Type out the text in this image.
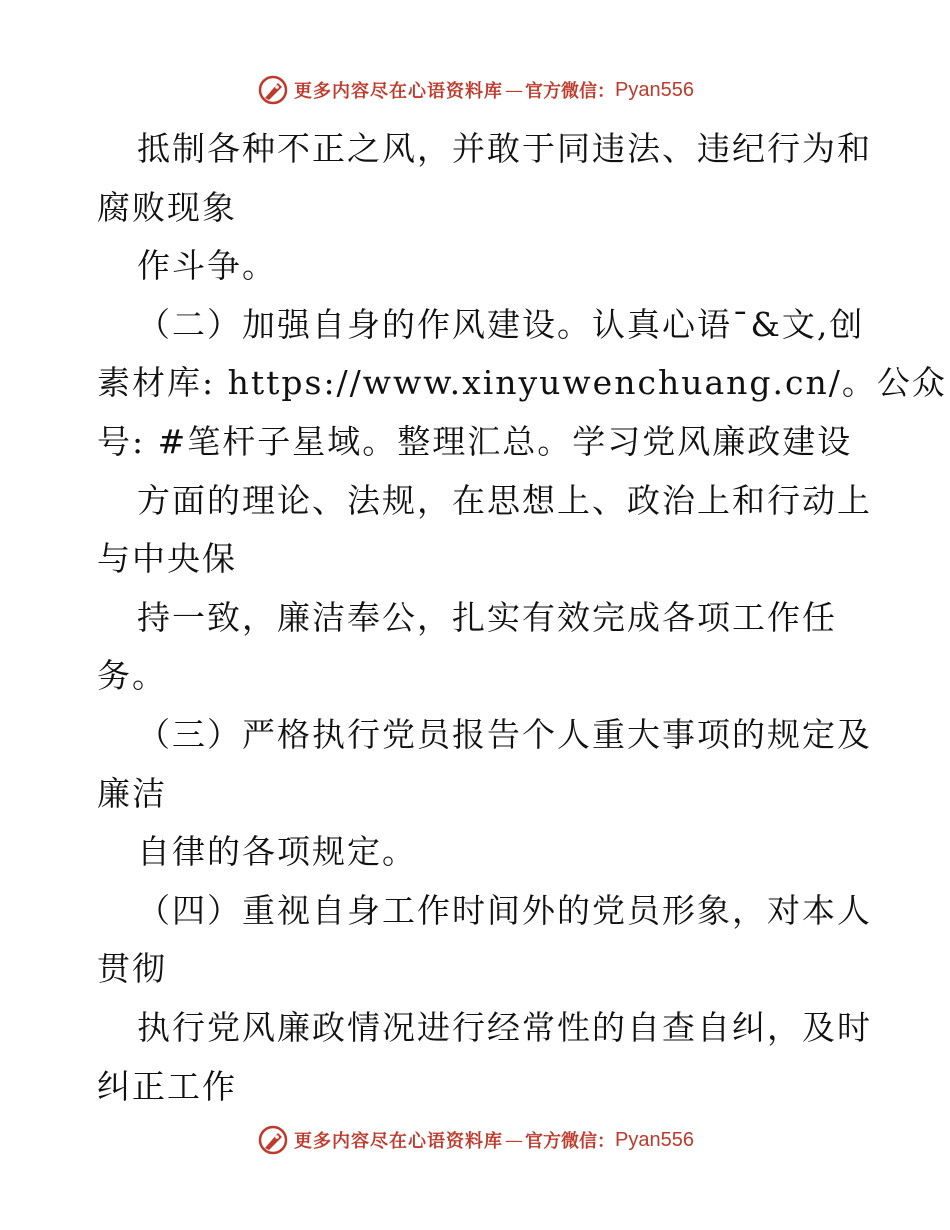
更多内容尽在心语资料库 — 官方微信： Pyan556
抵制各种不正之风，并敢于同违法、违纪行为和
腐败现象
作斗争。
（二）加强自身的作风建设。认真心语¯&文,创
素材库: https://www.xinyuwenchuang.cn/。公众
号: #笔杆子星域。整理汇总。学习党风廉政建设
方面的理论、法规，在思想上、政治上和行动上
与中央保
持一致，廉洁奉公，扎实有效完成各项工作任
务。
（三）严格执行党员报告个人重大事项的规定及
廉洁
自律的各项规定。
（四）重视自身工作时间外的党员形象，对本人
贯彻
执行党风廉政情况进行经常性的自查自纠，及时
纠正工作
更多内容尽在心语资料库 — 官方微信： Pyan556
